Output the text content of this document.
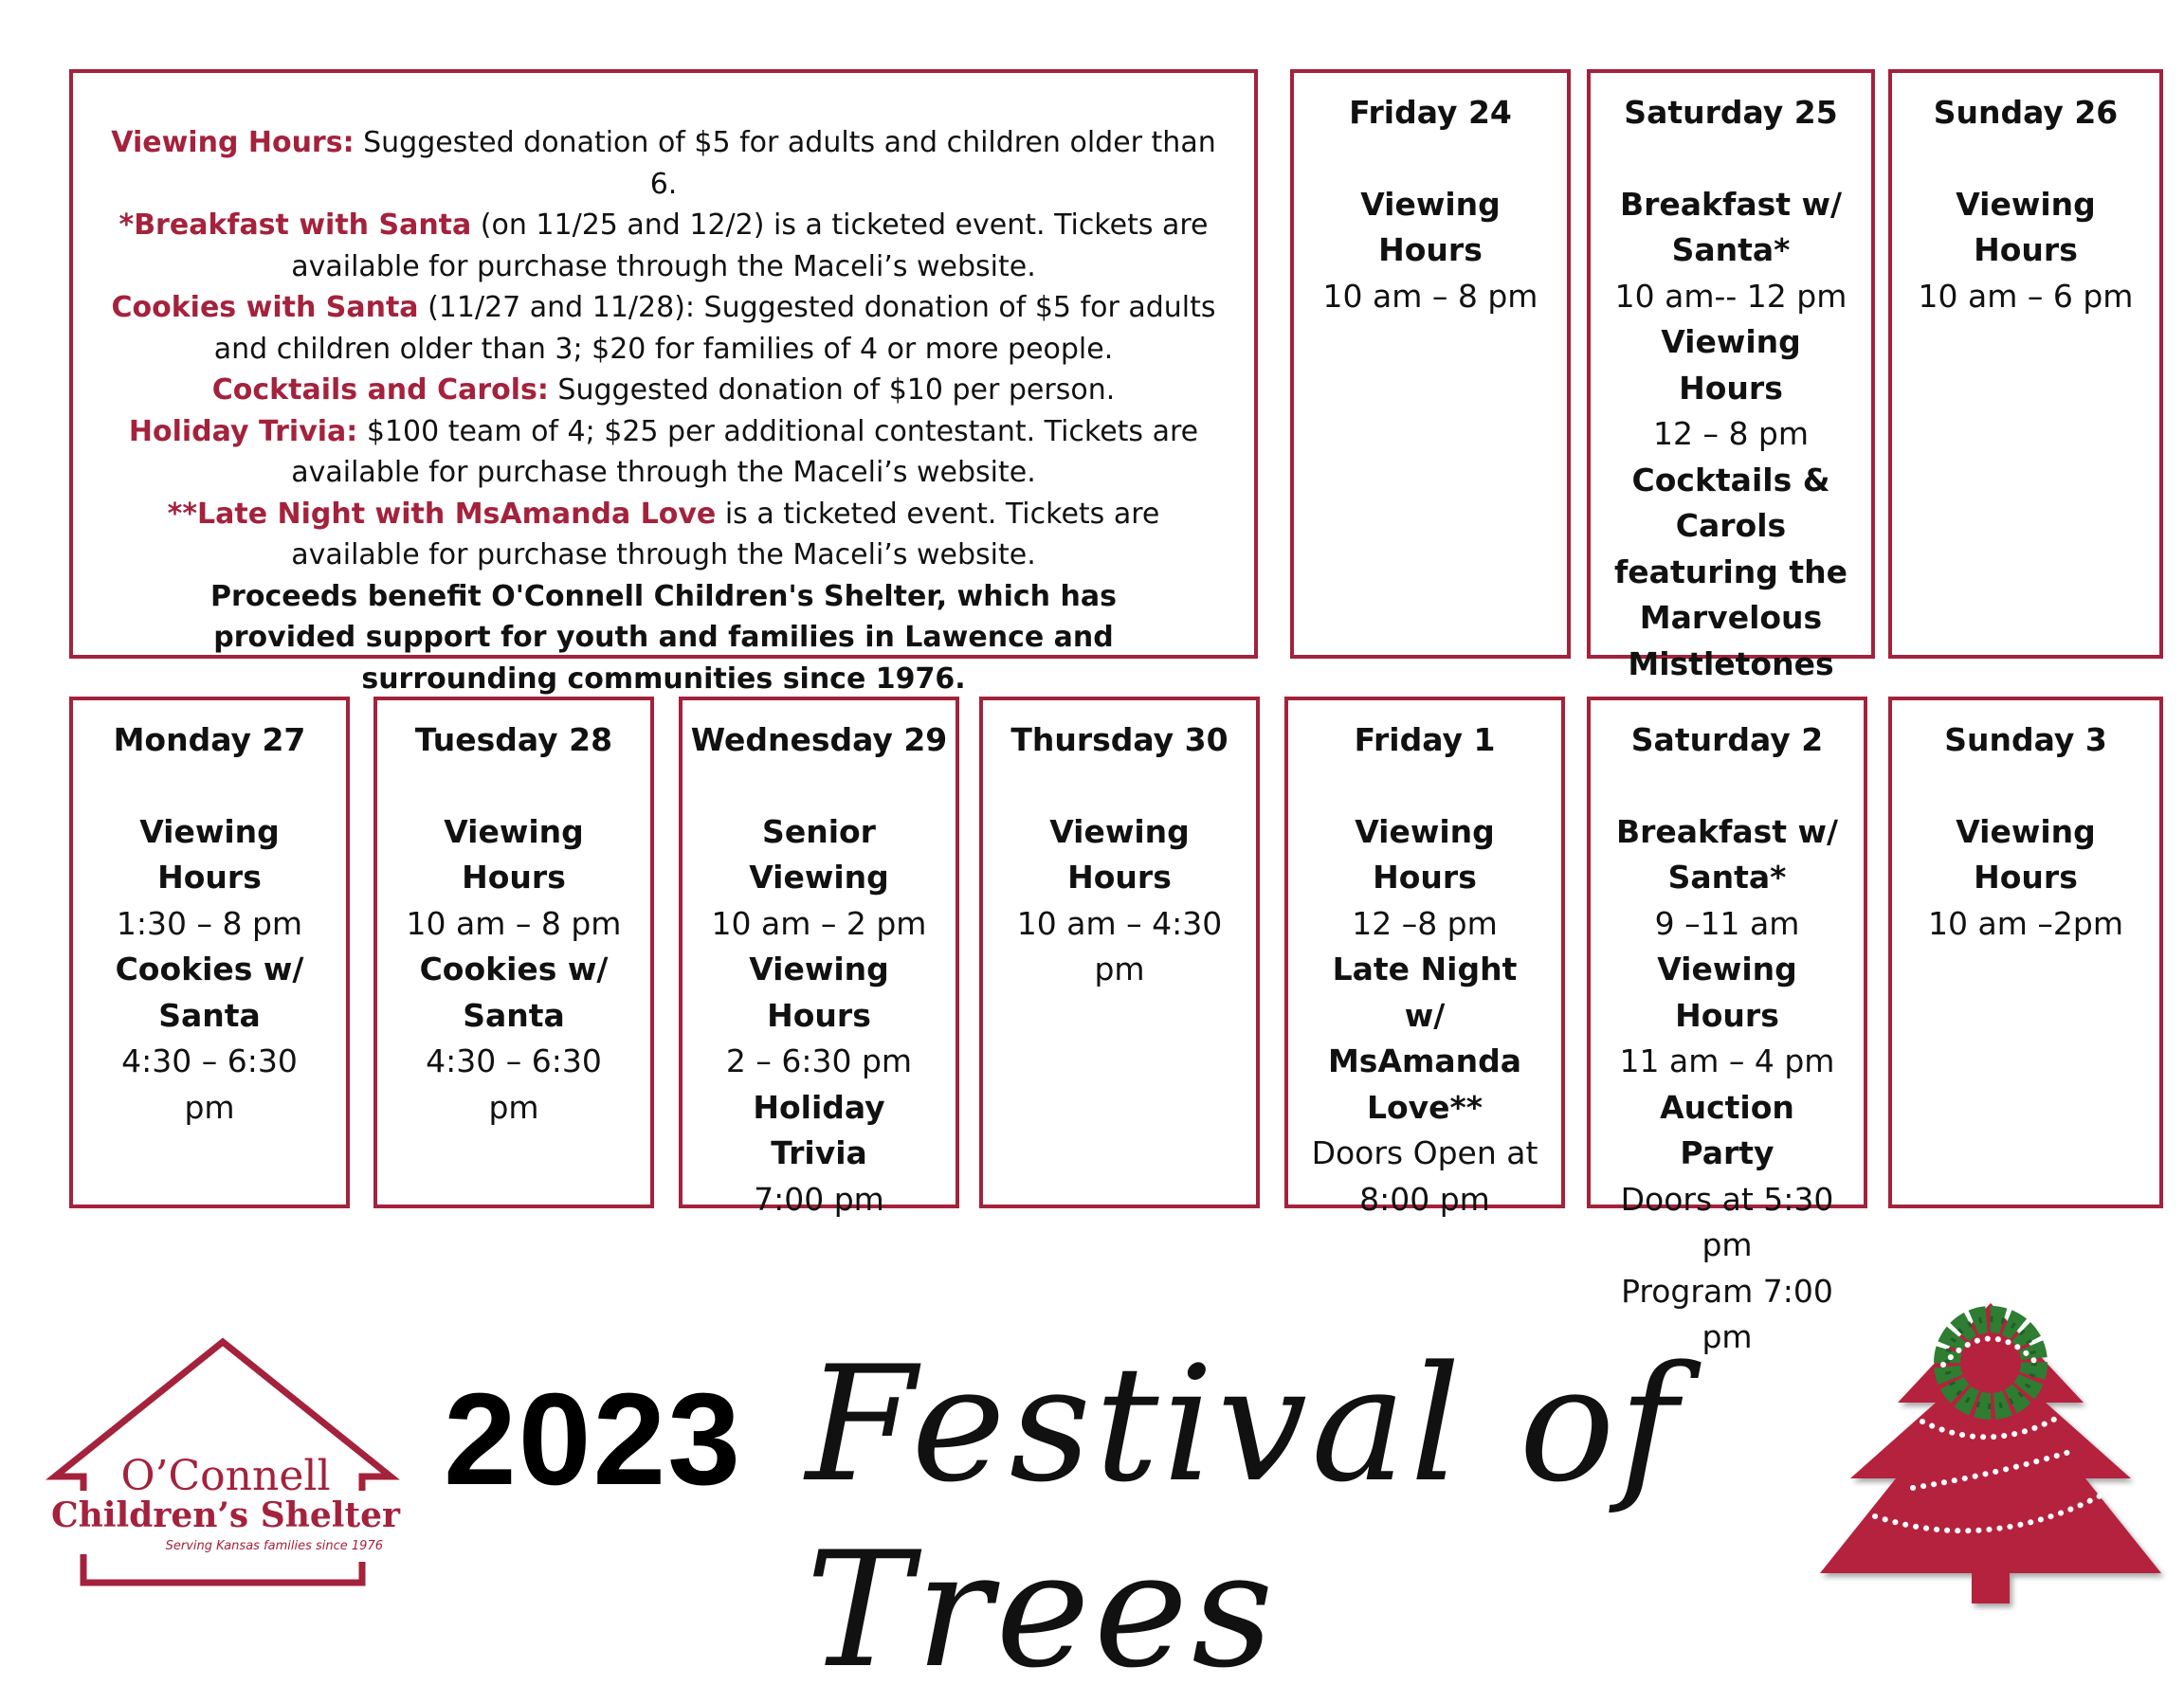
Viewing Hours: Suggested donation of $5 for adults and children older than 6.

*Breakfast with Santa (on 11/25 and 12/2) is a ticketed event. Tickets are available for purchase through the Maceli’s website.

Cookies with Santa (11/27 and 11/28): Suggested donation of $5 for adults and children older than 3; $20 for families of 4 or more people.

Cocktails and Carols: Suggested donation of $10 per person.

Holiday Trivia: $100 team of 4; $25 per additional contestant. Tickets are available for purchase through the Maceli’s website.

**Late Night with MsAmanda Love is a ticketed event. Tickets are available for purchase through the Maceli’s website.

Proceeds benefit O'Connell Children's Shelter, which has provided support for youth and families in Lawence and surrounding communities since 1976.

Friday 24
Viewing Hours
10 am – 8 pm
Saturday 25
Breakfast w/ Santa*
10 am-- 12 pm
Viewing Hours
12 – 8 pm
Cocktails & Carols featuring the Marvelous Mistletones
Sunday 26
Viewing Hours
10 am – 6 pm
Monday 27
Viewing Hours
1:30 – 8 pm
Cookies w/ Santa
4:30 – 6:30 pm
Tuesday 28
Viewing Hours
10 am – 8 pm
Cookies w/ Santa
4:30 – 6:30 pm
Wednesday 29
Senior Viewing
10 am – 2 pm
Viewing Hours
2 – 6:30 pm
Holiday Trivia
7:00 pm
Thursday 30
Viewing Hours
10 am – 4:30 pm
Friday 1
Viewing Hours
12 –8 pm
Late Night w/ MsAmanda Love**
Doors Open at 8:00 pm
Saturday 2
Breakfast w/ Santa*
9 –11 am
Viewing Hours
11 am – 4 pm
Auction Party
Doors at 5:30 pm
Program 7:00 pm
Sunday 3
Viewing Hours
10 am –2pm
O’Connell
Children’s Shelter
Serving Kansas families since 1976
2023 Festival of Trees
